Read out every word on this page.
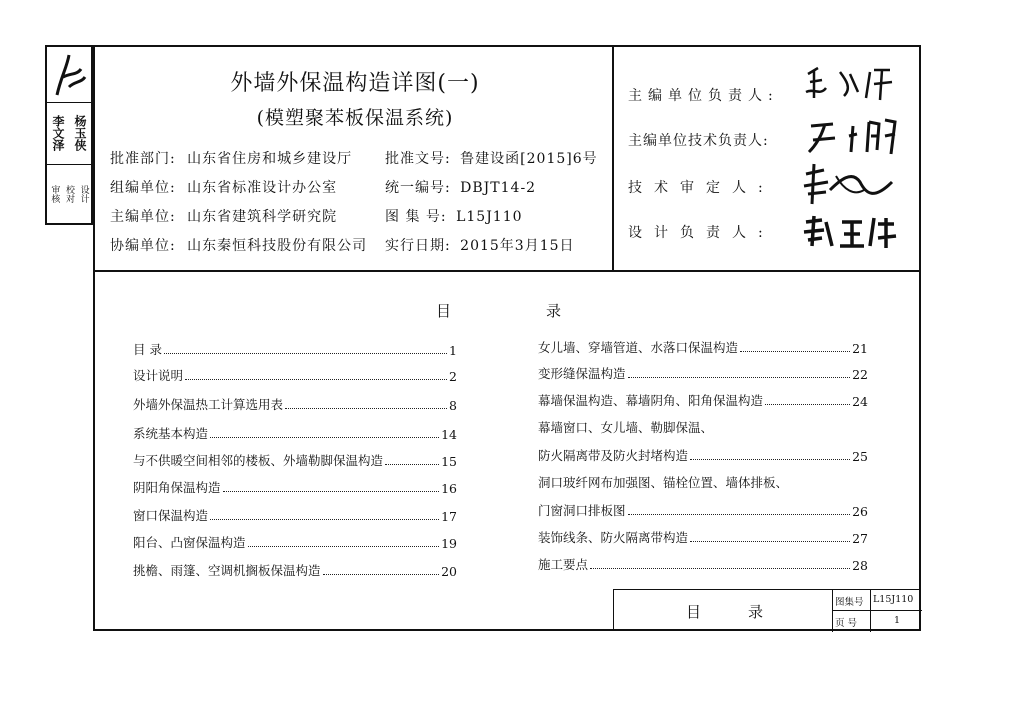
李文泽 杨玉侠
审核 校对 设计
外墙外保温构造详图(一)
(模塑聚苯板保温系统)
批准部门: 山东省住房和城乡建设厅
组编单位: 山东省标准设计办公室
主编单位: 山东省建筑科学研究院
协编单位: 山东秦恒科技股份有限公司
批准文号: 鲁建设函[2015]6号
统一编号: DBJT14-2
图 集 号: L15J110
实行日期: 2015年3月15日
主编单位负责人:
主编单位技术负责人:
技术审定人:
设计负责人:
目	录
目 录	1
设计说明	2
外墙外保温热工计算选用表	8
系统基本构造	14
与不供暖空间相邻的楼板、外墙勒脚保温构造	15
阴阳角保温构造	16
窗口保温构造	17
阳台、凸窗保温构造	19
挑檐、雨篷、空调机搁板保温构造	20
女儿墙、穿墙管道、水落口保温构造	21
变形缝保温构造	22
幕墙保温构造、幕墙阴角、阳角保温构造	24
幕墙窗口、女儿墙、勒脚保温、
防火隔离带及防火封堵构造	25
洞口玻纤网布加强图、锚栓位置、墙体排板、
门窗洞口排板图	26
装饰线条、防火隔离带构造	27
施工要点	28
目	录
图集号 L15J110
页 号	1
